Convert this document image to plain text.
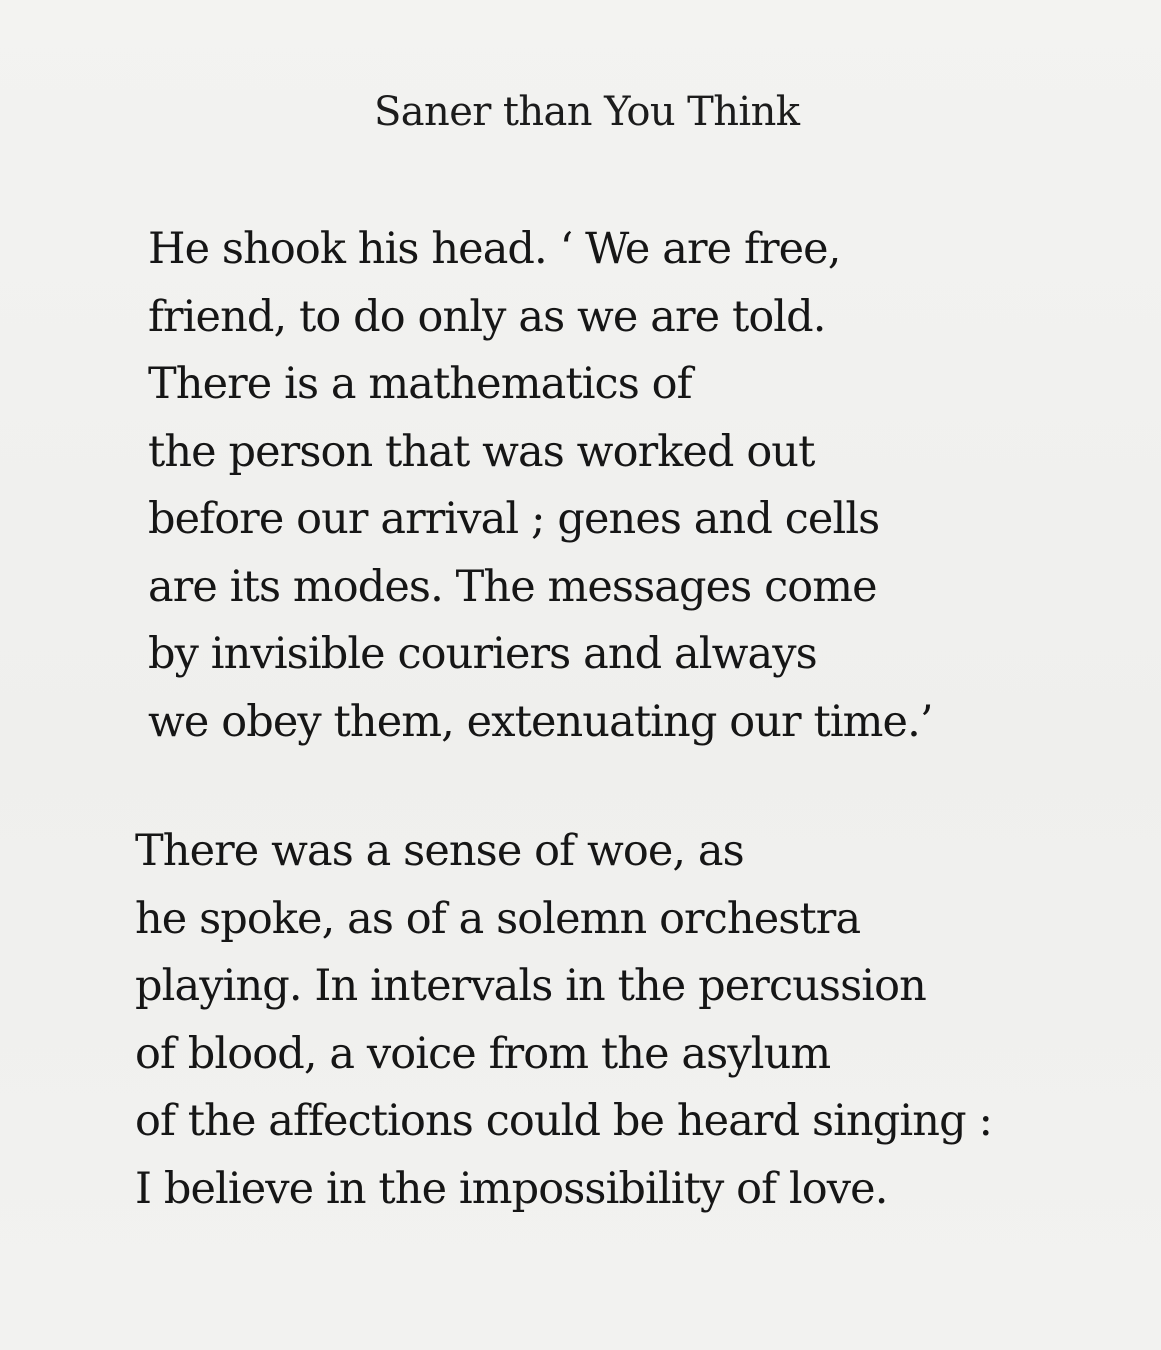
Saner than You Think
He shook his head. ‘ We are free,
friend, to do only as we are told.
There is a mathematics of
the person that was worked out
before our arrival ; genes and cells
are its modes. The messages come
by invisible couriers and always
we obey them, extenuating our time.’
There was a sense of woe, as
he spoke, as of a solemn orchestra
playing. In intervals in the percussion
of blood, a voice from the asylum
of the affections could be heard singing :
I believe in the impossibility of love.
